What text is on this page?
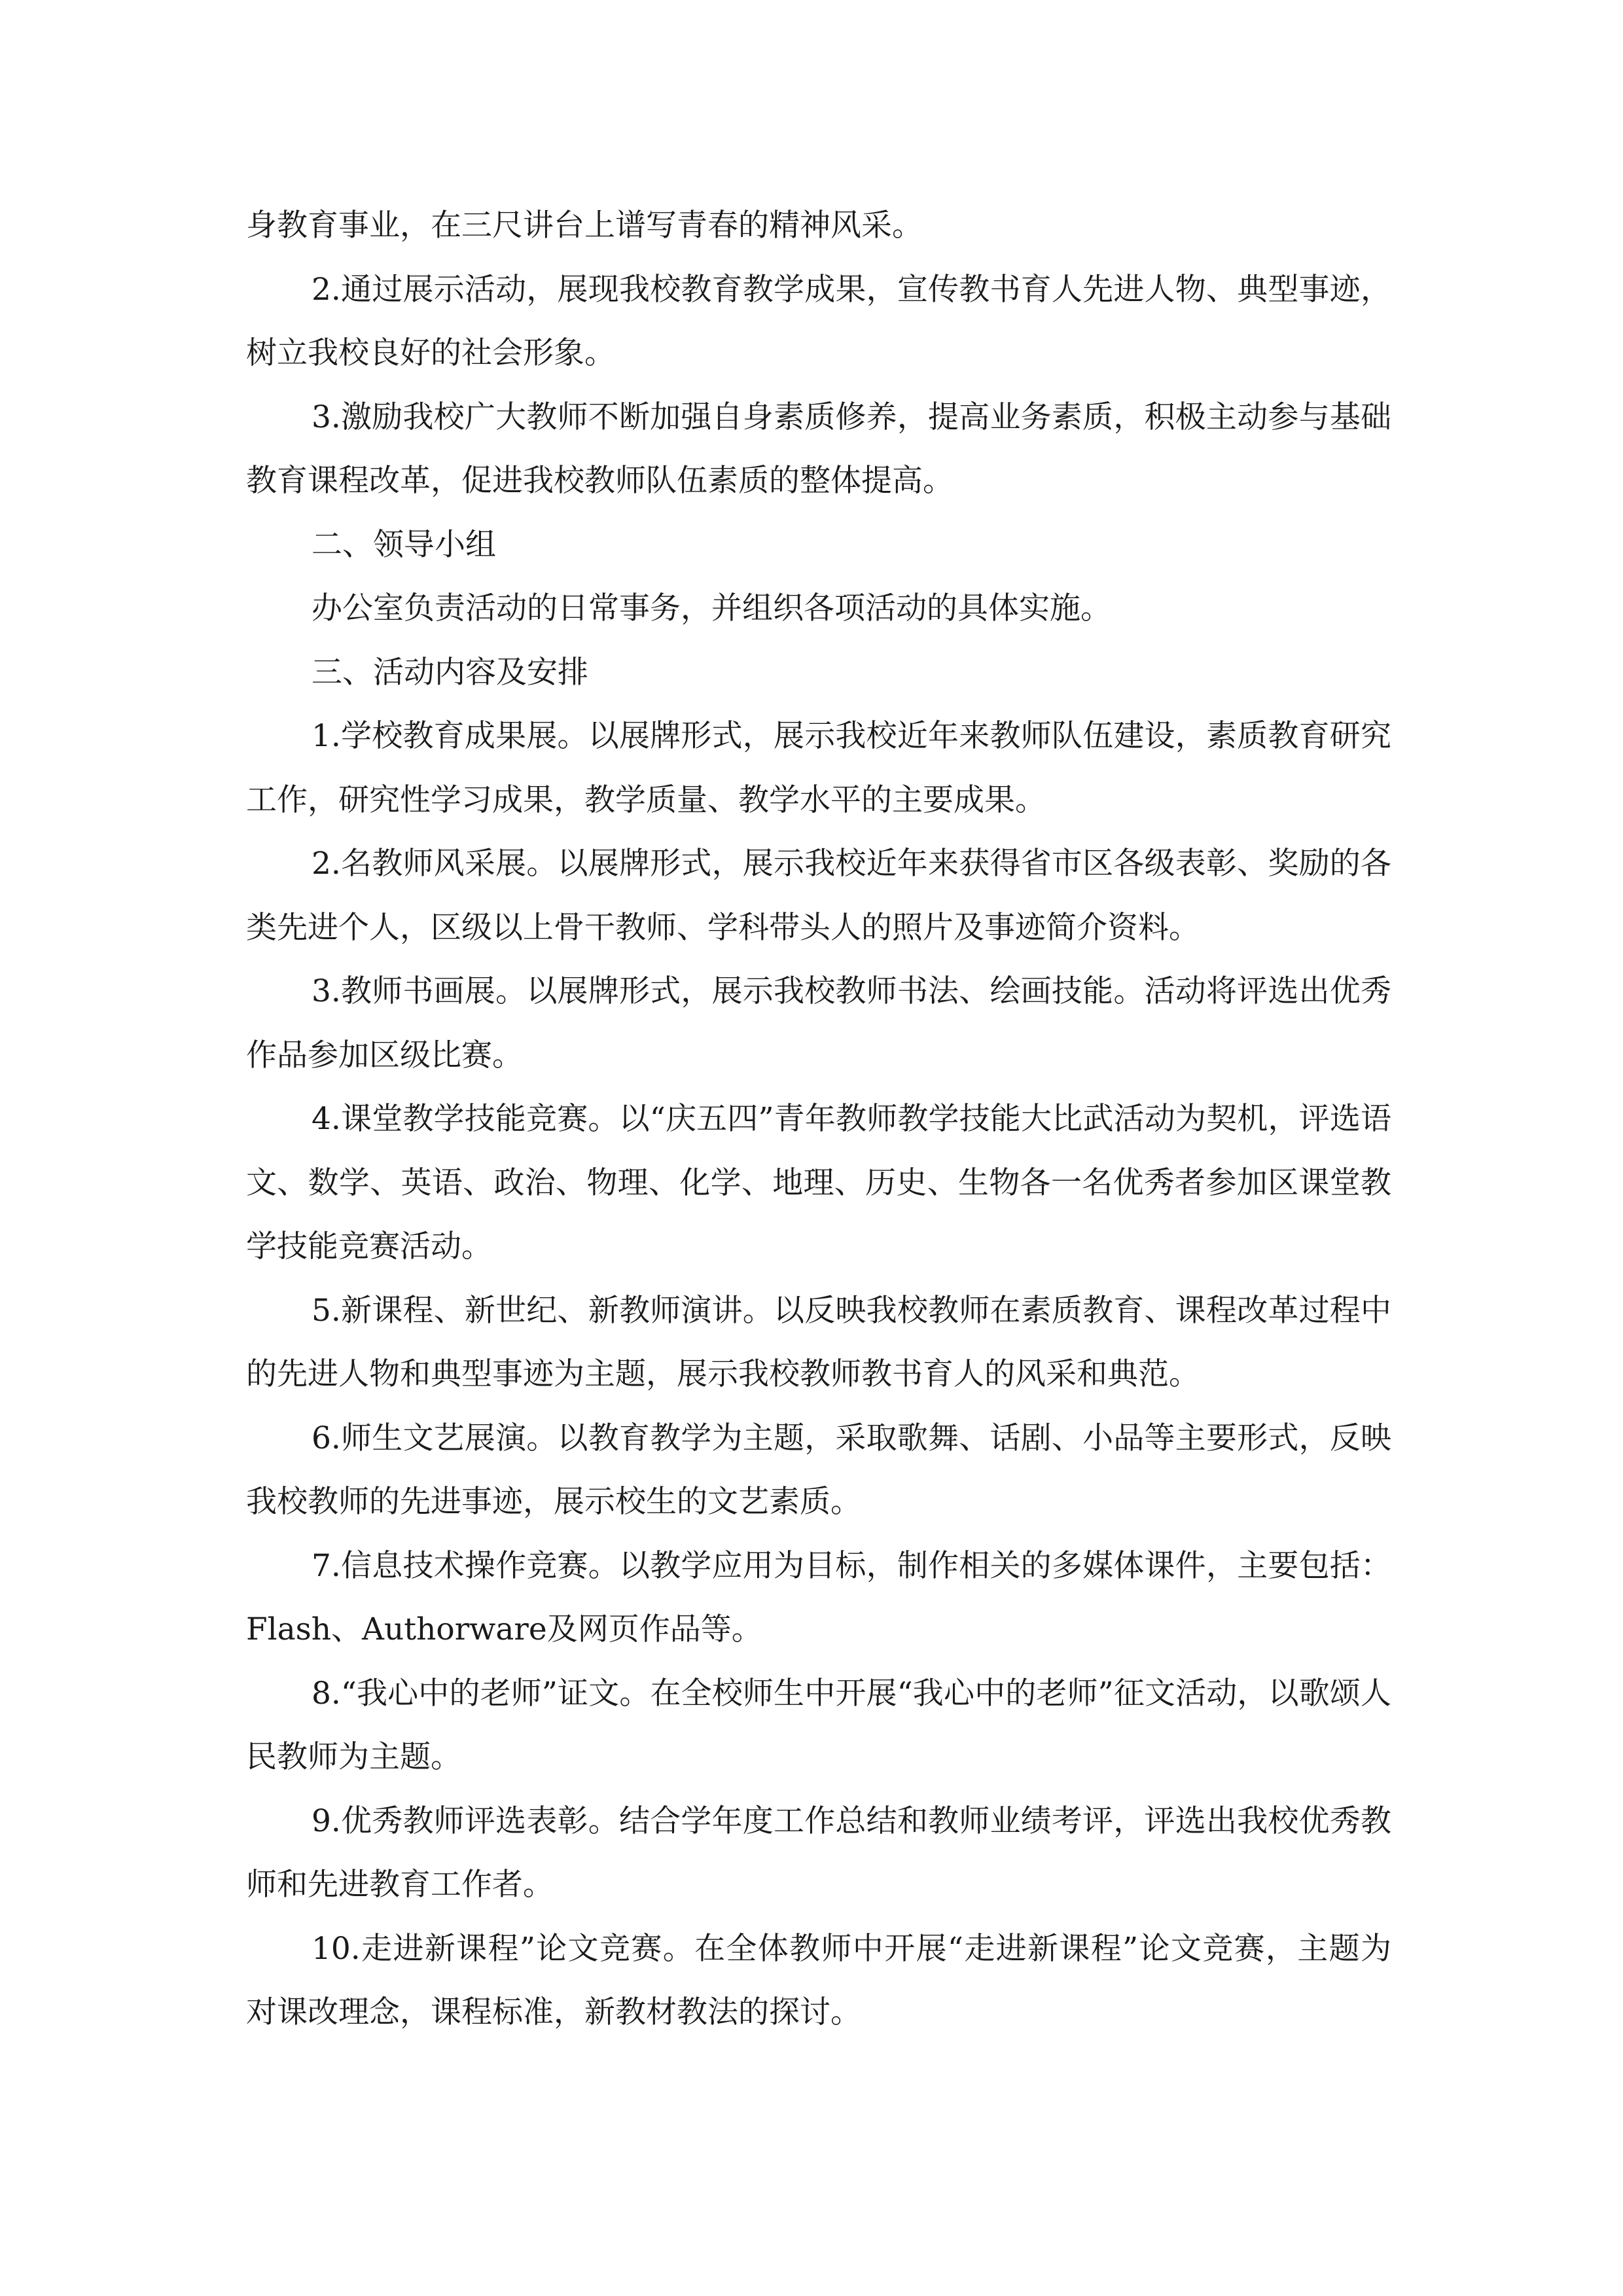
身教育事业，在三尺讲台上谱写青春的精神风采。

2.通过展示活动，展现我校教育教学成果，宣传教书育人先进人物、典型事迹，树立我校良好的社会形象。

3.激励我校广大教师不断加强自身素质修养，提高业务素质，积极主动参与基础教育课程改革，促进我校教师队伍素质的整体提高。

二、领导小组

办公室负责活动的日常事务，并组织各项活动的具体实施。

三、活动内容及安排

1.学校教育成果展。以展牌形式，展示我校近年来教师队伍建设，素质教育研究工作，研究性学习成果，教学质量、教学水平的主要成果。

2.名教师风采展。以展牌形式，展示我校近年来获得省市区各级表彰、奖励的各类先进个人，区级以上骨干教师、学科带头人的照片及事迹简介资料。

3.教师书画展。以展牌形式，展示我校教师书法、绘画技能。活动将评选出优秀作品参加区级比赛。

4.课堂教学技能竞赛。以“庆五四”青年教师教学技能大比武活动为契机，评选语文、数学、英语、政治、物理、化学、地理、历史、生物各一名优秀者参加区课堂教学技能竞赛活动。

5.新课程、新世纪、新教师演讲。以反映我校教师在素质教育、课程改革过程中的先进人物和典型事迹为主题，展示我校教师教书育人的风采和典范。

6.师生文艺展演。以教育教学为主题，采取歌舞、话剧、小品等主要形式，反映我校教师的先进事迹，展示校生的文艺素质。

7.信息技术操作竞赛。以教学应用为目标，制作相关的多媒体课件，主要包括：Flash、Authorware及网页作品等。

8.“我心中的老师”证文。在全校师生中开展“我心中的老师”征文活动，以歌颂人民教师为主题。

9.优秀教师评选表彰。结合学年度工作总结和教师业绩考评，评选出我校优秀教师和先进教育工作者。

10.走进新课程”论文竞赛。在全体教师中开展“走进新课程”论文竞赛，主题为对课改理念，课程标准，新教材教法的探讨。
